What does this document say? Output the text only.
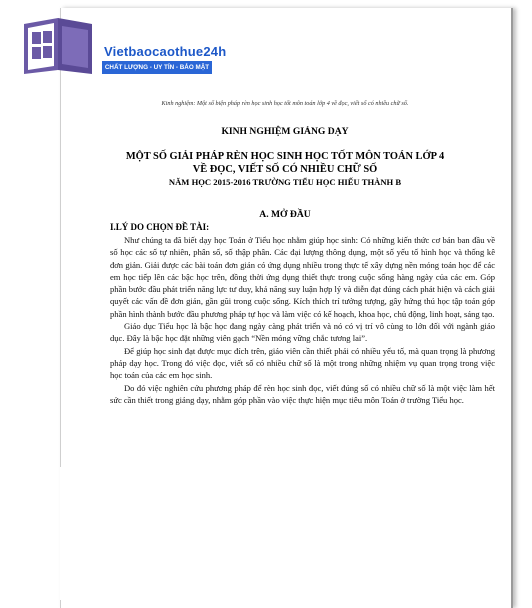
Vietbaocaothue24h
CHẤT LƯỢNG - UY TÍN - BẢO MẬT
Kinh nghiệm: Một số biện pháp rèn học sinh học tốt môn toán lớp 4 về đọc, viết số có nhiều chữ số.
KINH NGHIỆM GIẢNG DẠY
MỘT SỐ GIẢI PHÁP RÈN HỌC SINH HỌC TỐT MÔN TOÁN LỚP 4
VỀ ĐỌC, VIẾT SỐ CÓ NHIỀU CHỮ SỐ
NĂM HỌC 2015-2016 TRƯỜNG TIỂU HỌC HIẾU THÀNH B
A. MỞ ĐẦU
I.LÝ DO CHỌN ĐỀ TÀI:

Như chúng ta đã biết dạy học Toán ở Tiểu học nhằm giúp học sinh: Có những kiến thức cơ bản ban đầu về số học các số tự nhiên, phân số, số thập phân. Các đại lượng thông dụng, một số yếu tố hình học và thống kê đơn giản. Giải được các bài toán đơn giản có ứng dụng nhiều trong thực tế xây dựng nền móng toán học để các em học tiếp lên các bậc học trên, đồng thời ứng dụng thiết thực trong cuộc sống hàng ngày của các em. Góp phần bước đầu phát triển năng lực tư duy, khả năng suy luận hợp lý và diễn đạt đúng cách phát hiện và cách giải quyết các vấn đề đơn giản, gần gũi trong cuộc sống. Kích thích trí tưởng tượng, gây hứng thú học tập toán góp phần hình thành bước đầu phương pháp tự học và làm việc có kế hoạch, khoa học, chủ động, linh hoạt, sáng tạo.

Giáo dục Tiểu học là bậc học đang ngày càng phát triển và nó có vị trí vô cùng to lớn đối với ngành giáo dục. Đây là bậc học đặt những viên gạch “Nền móng vững chắc tương lai”.

Để giúp học sinh đạt được mục đích trên, giáo viên cần thiết phải có nhiều yếu tố, mà quan trọng là phương pháp dạy học. Trong đó việc đọc, viết số có nhiều chữ số là một trong những nhiệm vụ quan trọng trong việc học toán của các em học sinh.

Do đó việc nghiên cứu phương pháp để rèn học sinh đọc, viết đúng số có nhiều chữ số là một việc làm hết sức cần thiết trong giảng dạy, nhằm góp phần vào việc thực hiện mục tiêu môn Toán ở trường Tiểu học.
